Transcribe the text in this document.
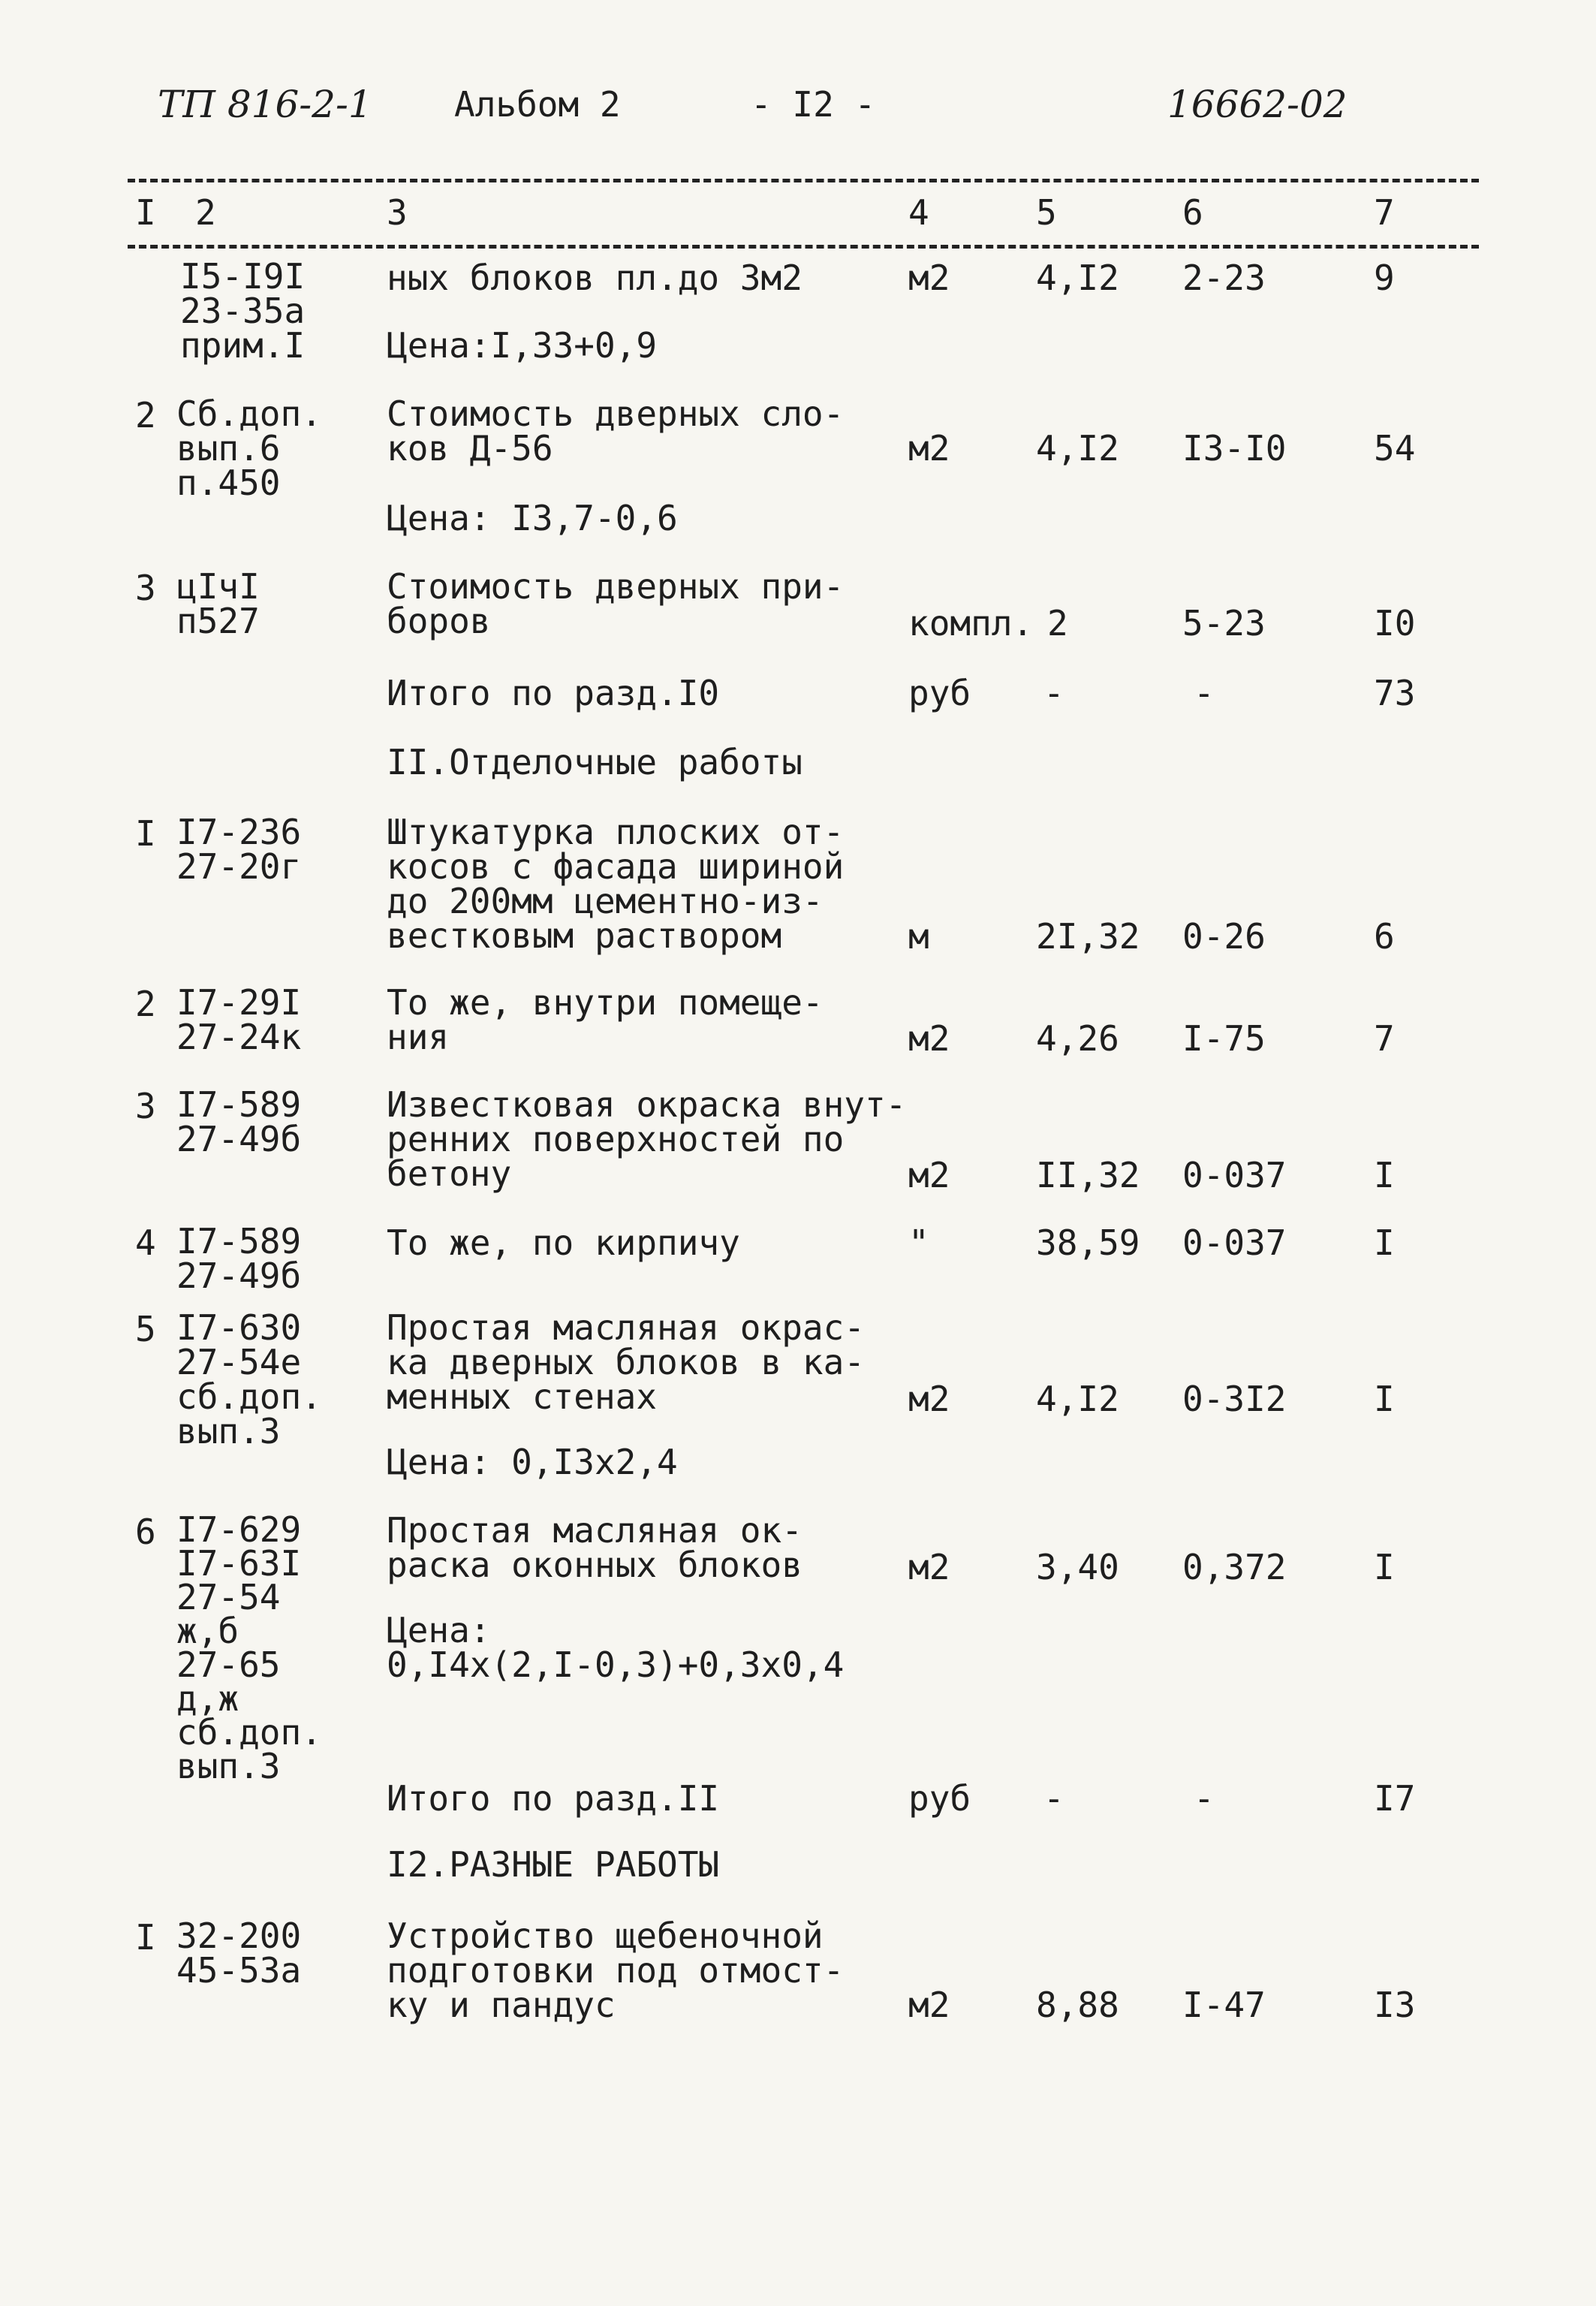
ТП 816-2-1 Альбом 2	- I2 -	16662-02
I 2	3	4	5	6	7
I5-I9I
23-35а
прим.I
ных блоков пл.до 3м2
Цена:I,33+0,9
м2 4,I2 2-23	9
2 Сб.доп.
вып.6
п.450
Стоимость дверных сло-
ков Д-56
Цена: I3,7-0,6
м2 4,I2 I3-I0	54
3 цIчI
п527
Стоимость дверных при-
боров	компл. 2	5-23	I0
Итого по разд.I0	руб -	-	73
II.Отделочные работы
I I7-236
27-20г
Штукатурка плоских от-
косов с фасада шириной
до 200мм цементно-из-
вестковым раствором	м	2I,32 0-26	6
2 I7-29I
27-24к
То же, внутри помеще-
ния	м2 4,26 I-75	7
3 I7-589
27-49б
Известковая окраска внут-
ренних поверхностей по
бетону	м2 II,32 0-037	I
4 I7-589
27-49б
То же, по кирпичу	"	38,59 0-037	I
5 I7-630
27-54е
сб.доп.
вып.3
Простая масляная окрас-
ка дверных блоков в ка-
менных стенах
Цена: 0,I3х2,4
м2 4,I2 0-3I2	I
6 I7-629
I7-63I
27-54
ж,б
27-65
д,ж
сб.доп.
вып.3
Простая масляная ок-
раска оконных блоков
Цена:
0,I4х(2,I-0,3)+0,3х0,4
м2 3,40 0,372	I
Итого по разд.II	руб -	-	I7
I2.РАЗНЫЕ РАБОТЫ
I 32-200
45-53а
Устройство щебеночной
подготовки под отмост-
ку и пандус	м2 8,88 I-47	I3
